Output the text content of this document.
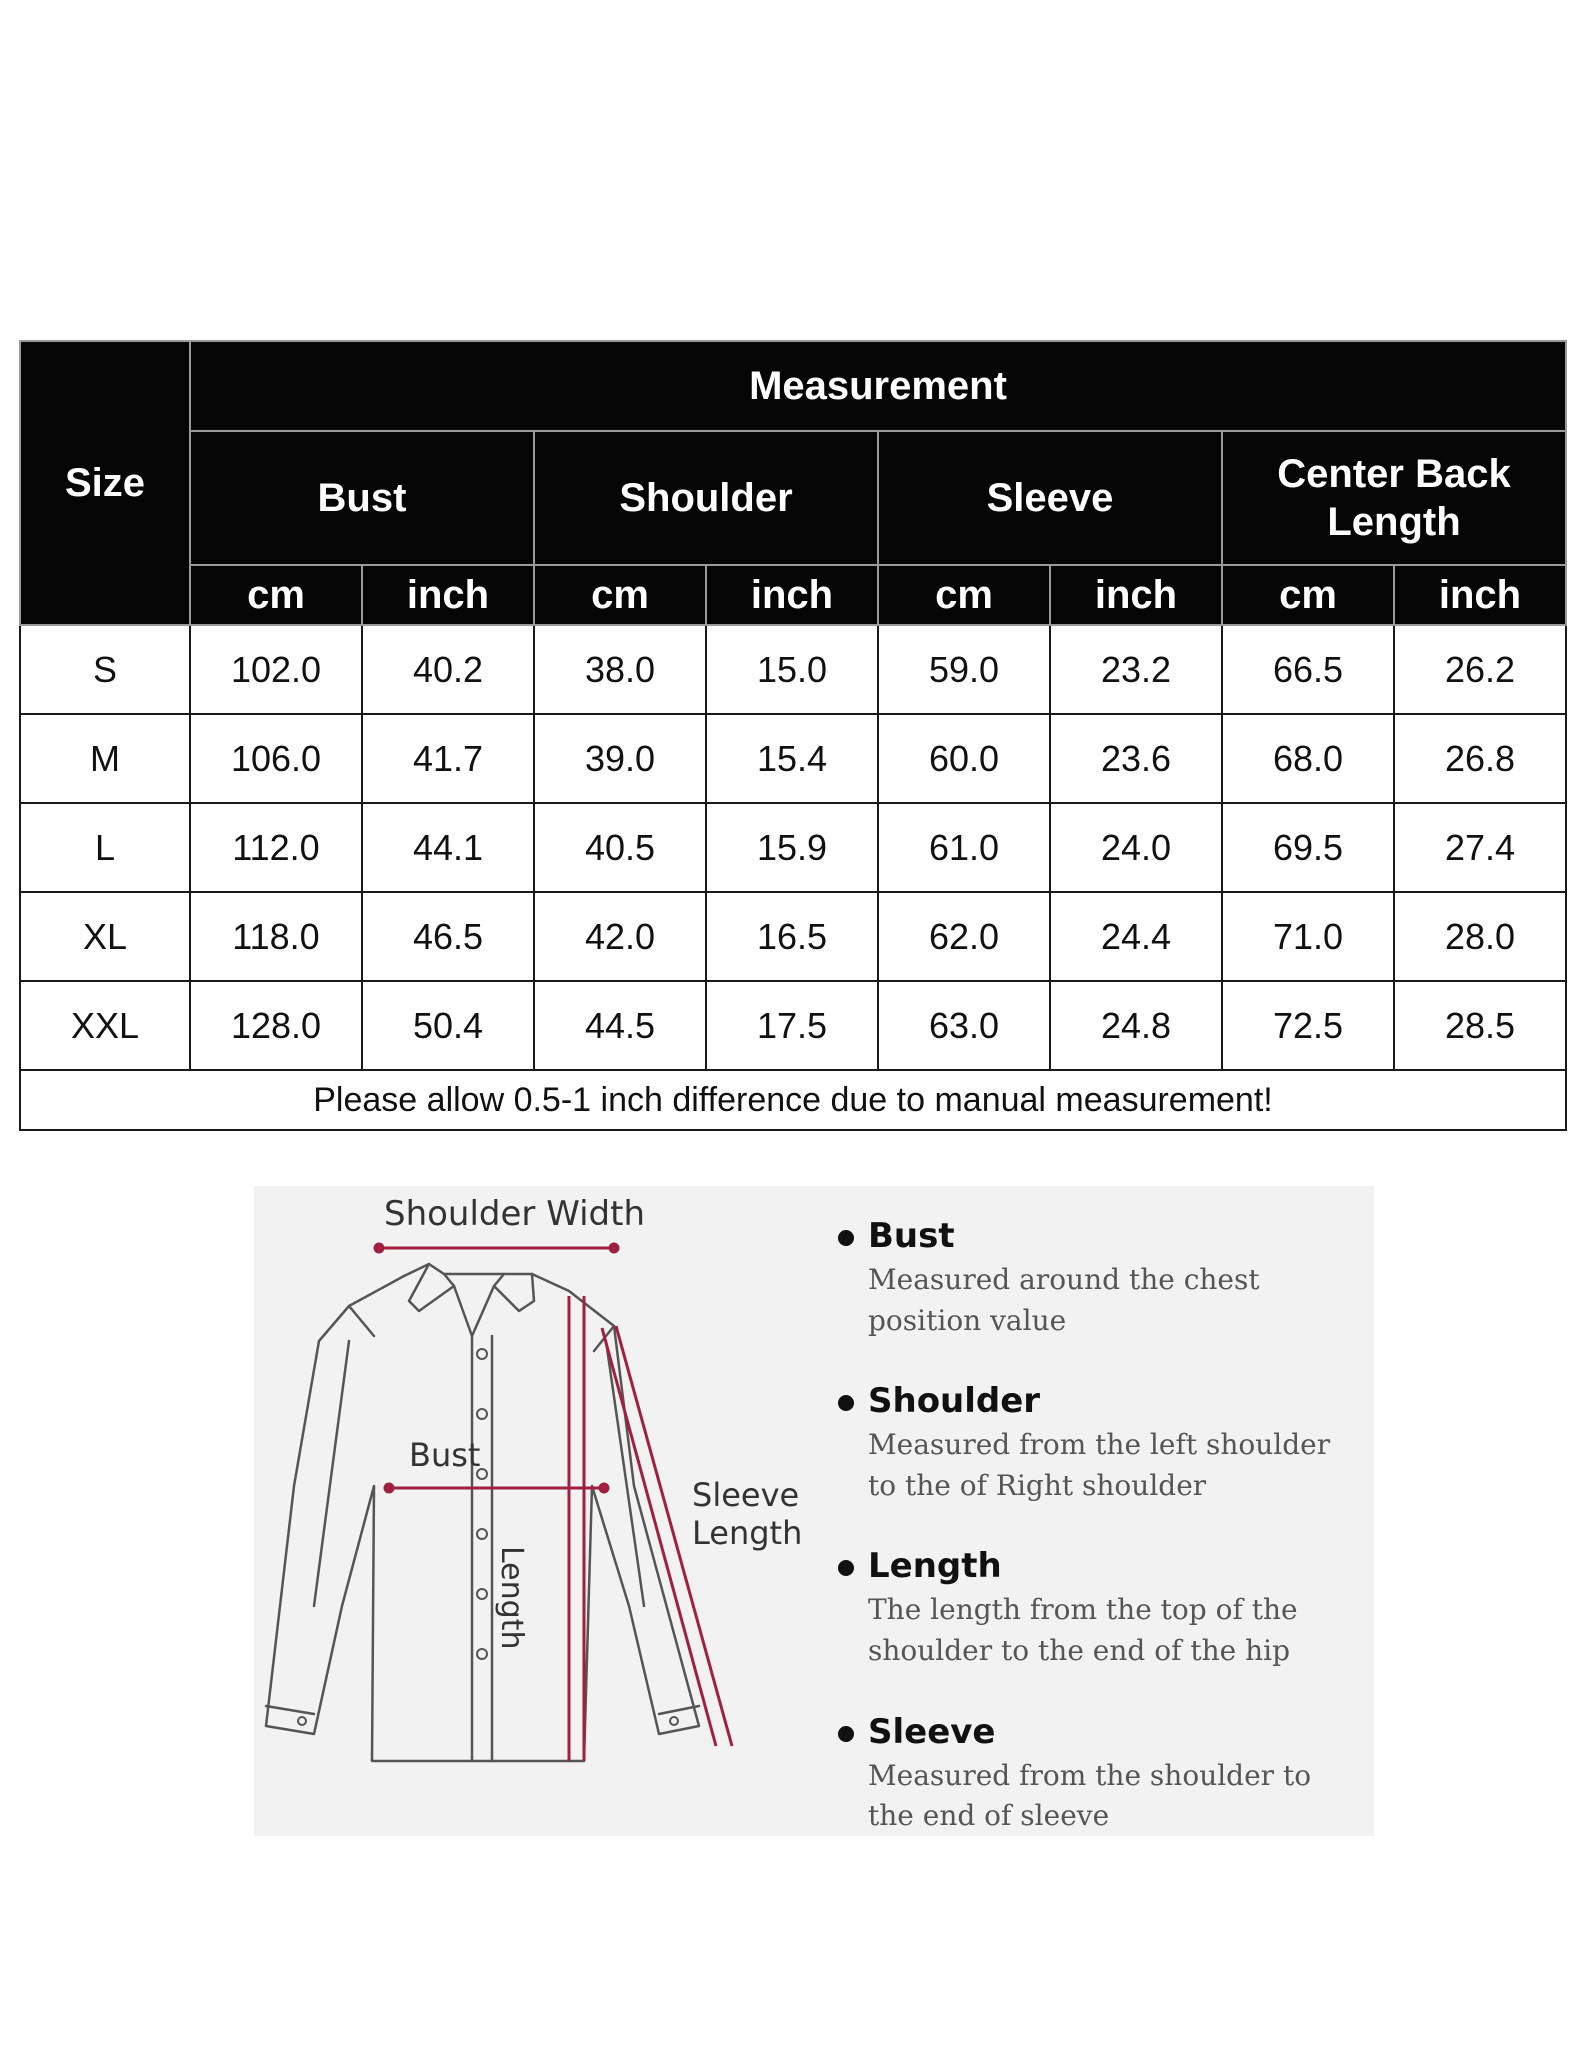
Size	Measurement							
	Bust		Shoulder		Sleeve		Center Back Length	
	cm	inch	cm	inch	cm	inch	cm	inch
S	102.0	40.2	38.0	15.0	59.0	23.2	66.5	26.2
M	106.0	41.7	39.0	15.4	60.0	23.6	68.0	26.8
L	112.0	44.1	40.5	15.9	61.0	24.0	69.5	27.4
XL	118.0	46.5	42.0	16.5	62.0	24.4	71.0	28.0
XXL	128.0	50.4	44.5	17.5	63.0	24.8	72.5	28.5
Please allow 0.5-1 inch difference due to manual measurement!								
Shoulder Width
Bust
Length
Sleeve
Length
Bust
Measured around the chest position value
Shoulder
Measured from the left shoulder to the of Right shoulder
Length
The length from the top of the shoulder to the end of the hip
Sleeve
Measured from the shoulder to the end of sleeve
